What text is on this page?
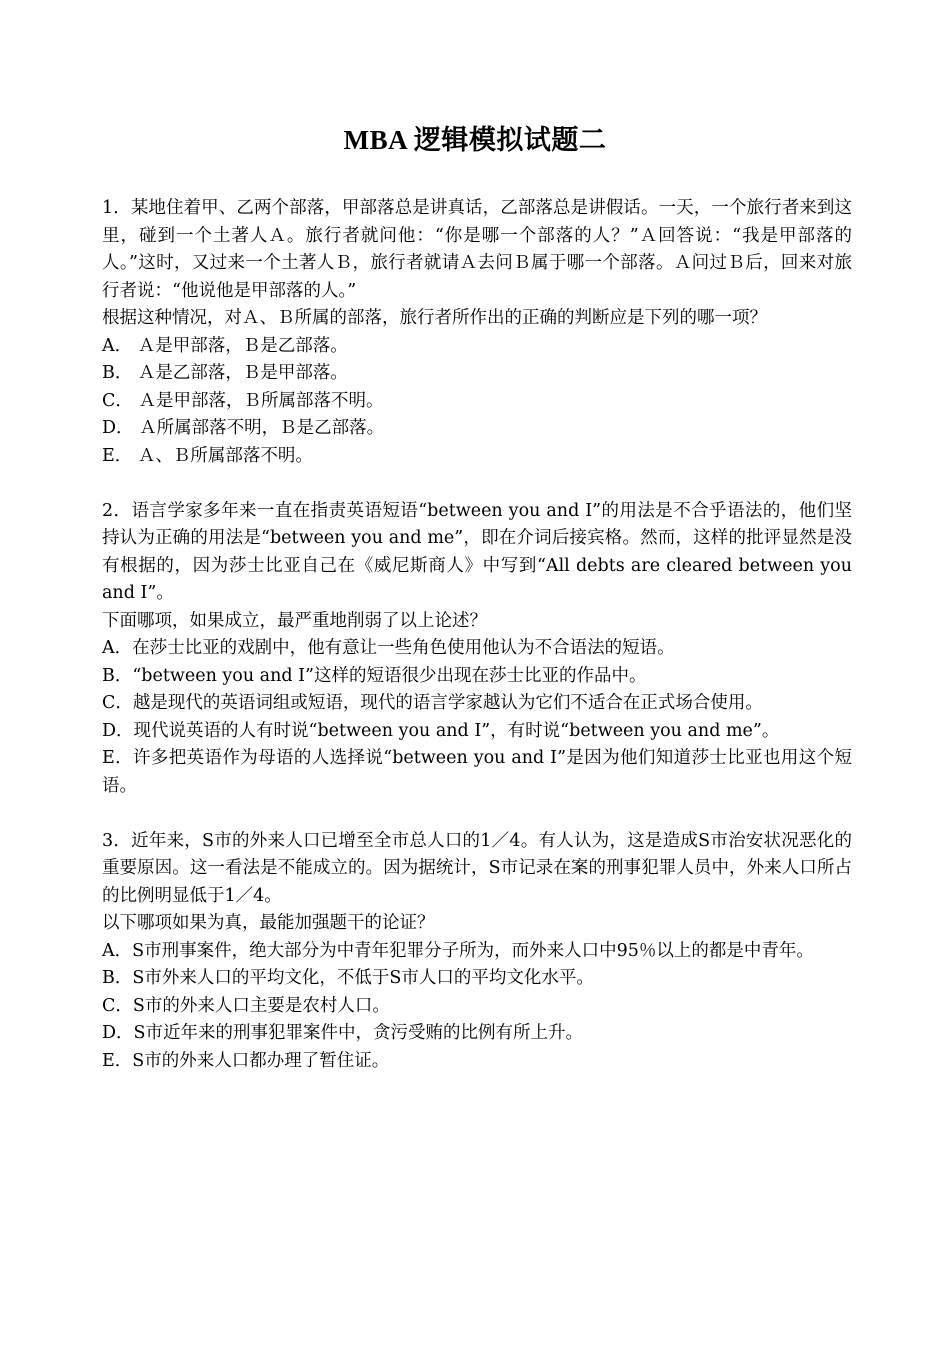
MBA 逻辑模拟试题二
1．某地住着甲、乙两个部落，甲部落总是讲真话，乙部落总是讲假话。一天，一个旅行者来到这里，碰到一个土著人Ａ。旅行者就问他：“你是哪一个部落的人？”Ａ回答说：“我是甲部落的人。”这时，又过来一个土著人Ｂ，旅行者就请Ａ去问Ｂ属于哪一个部落。Ａ问过Ｂ后，回来对旅行者说：“他说他是甲部落的人。”
根据这种情况，对Ａ、Ｂ所属的部落，旅行者所作出的正确的判断应是下列的哪一项？
A． Ａ是甲部落，Ｂ是乙部落。
B． Ａ是乙部落，Ｂ是甲部落。
C． Ａ是甲部落，Ｂ所属部落不明。
D． Ａ所属部落不明，Ｂ是乙部落。
E． Ａ、Ｂ所属部落不明。
2．语言学家多年来一直在指责英语短语“between you and I”的用法是不合乎语法的，他们坚持认为正确的用法是“between you and me”，即在介词后接宾格。然而，这样的批评显然是没有根据的，因为莎士比亚自己在《威尼斯商人》中写到“All debts are cleared between you and I”。
下面哪项，如果成立，最严重地削弱了以上论述？
A．在莎士比亚的戏剧中，他有意让一些角色使用他认为不合语法的短语。
B．“between you and I”这样的短语很少出现在莎士比亚的作品中。
C．越是现代的英语词组或短语，现代的语言学家越认为它们不适合在正式场合使用。
D．现代说英语的人有时说“between you and I”，有时说“between you and me”。
E．许多把英语作为母语的人选择说“between you and I”是因为他们知道莎士比亚也用这个短语。
3．近年来，S市的外来人口已增至全市总人口的1／4。有人认为，这是造成S市治安状况恶化的重要原因。这一看法是不能成立的。因为据统计，S市记录在案的刑事犯罪人员中，外来人口所占的比例明显低于1／4。
以下哪项如果为真，最能加强题干的论证？
A．S市刑事案件，绝大部分为中青年犯罪分子所为，而外来人口中95％以上的都是中青年。
B．S市外来人口的平均文化，不低于S市人口的平均文化水平。
C．S市的外来人口主要是农村人口。
D．S市近年来的刑事犯罪案件中，贪污受贿的比例有所上升。
E．S市的外来人口都办理了暂住证。
